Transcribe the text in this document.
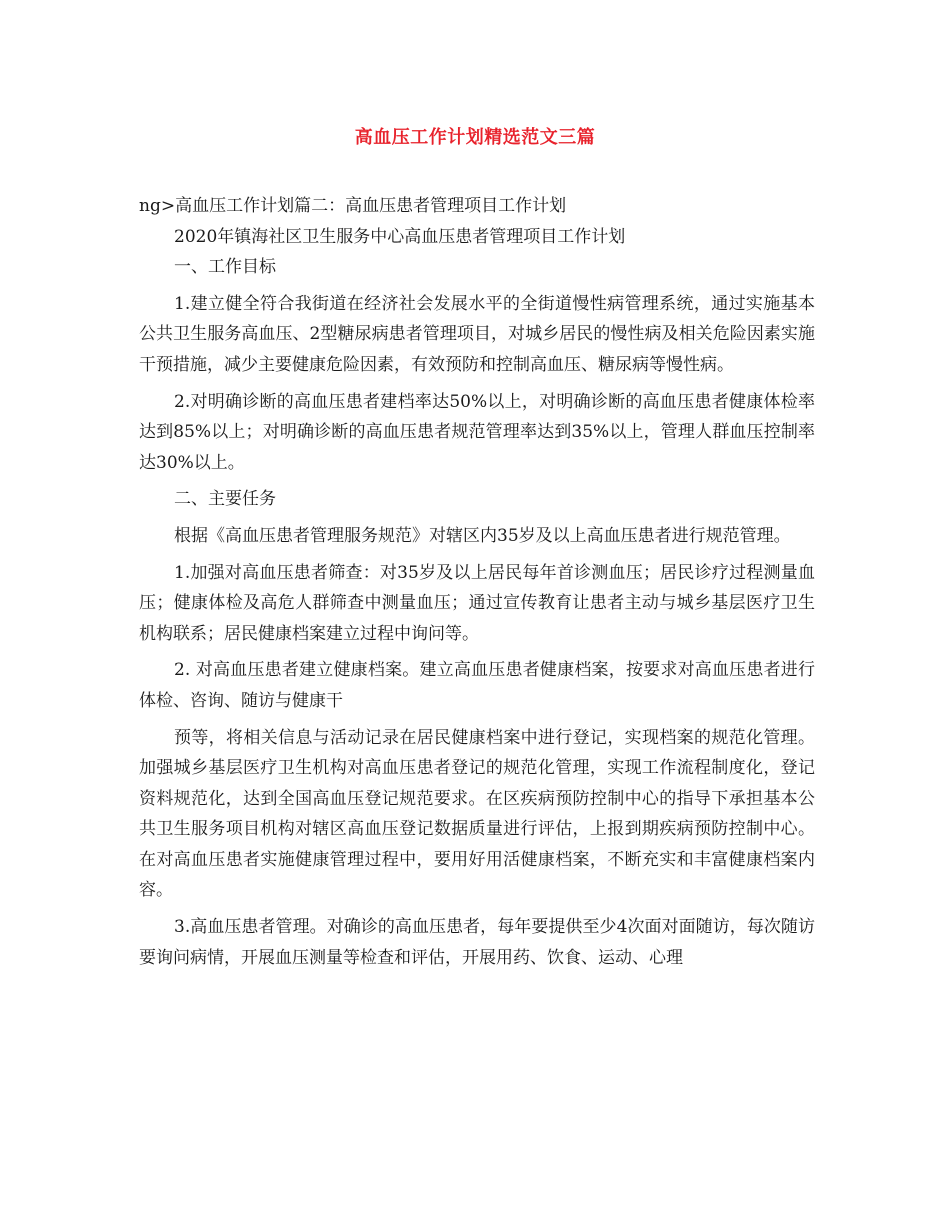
高血压工作计划精选范文三篇

ng>高血压工作计划篇二：高血压患者管理项目工作计划

2020年镇海社区卫生服务中心高血压患者管理项目工作计划

一、工作目标

1.建立健全符合我街道在经济社会发展水平的全街道慢性病管理系统，通过实施基本公共卫生服务高血压、2型糖尿病患者管理项目，对城乡居民的慢性病及相关危险因素实施干预措施，减少主要健康危险因素，有效预防和控制高血压、糖尿病等慢性病。

2.对明确诊断的高血压患者建档率达50%以上，对明确诊断的高血压患者健康体检率达到85%以上；对明确诊断的高血压患者规范管理率达到35%以上，管理人群血压控制率达30%以上。

二、主要任务

根据《高血压患者管理服务规范》对辖区内35岁及以上高血压患者进行规范管理。

1.加强对高血压患者筛查：对35岁及以上居民每年首诊测血压；居民诊疗过程测量血压；健康体检及高危人群筛查中测量血压；通过宣传教育让患者主动与城乡基层医疗卫生机构联系；居民健康档案建立过程中询问等。

2. 对高血压患者建立健康档案。建立高血压患者健康档案，按要求对高血压患者进行体检、咨询、随访与健康干

预等，将相关信息与活动记录在居民健康档案中进行登记，实现档案的规范化管理。加强城乡基层医疗卫生机构对高血压患者登记的规范化管理，实现工作流程制度化，登记资料规范化，达到全国高血压登记规范要求。在区疾病预防控制中心的指导下承担基本公共卫生服务项目机构对辖区高血压登记数据质量进行评估，上报到期疾病预防控制中心。在对高血压患者实施健康管理过程中，要用好用活健康档案，不断充实和丰富健康档案内容。

3.高血压患者管理。对确诊的高血压患者，每年要提供至少4次面对面随访，每次随访要询问病情，开展血压测量等检查和评估，开展用药、饮食、运动、心理
